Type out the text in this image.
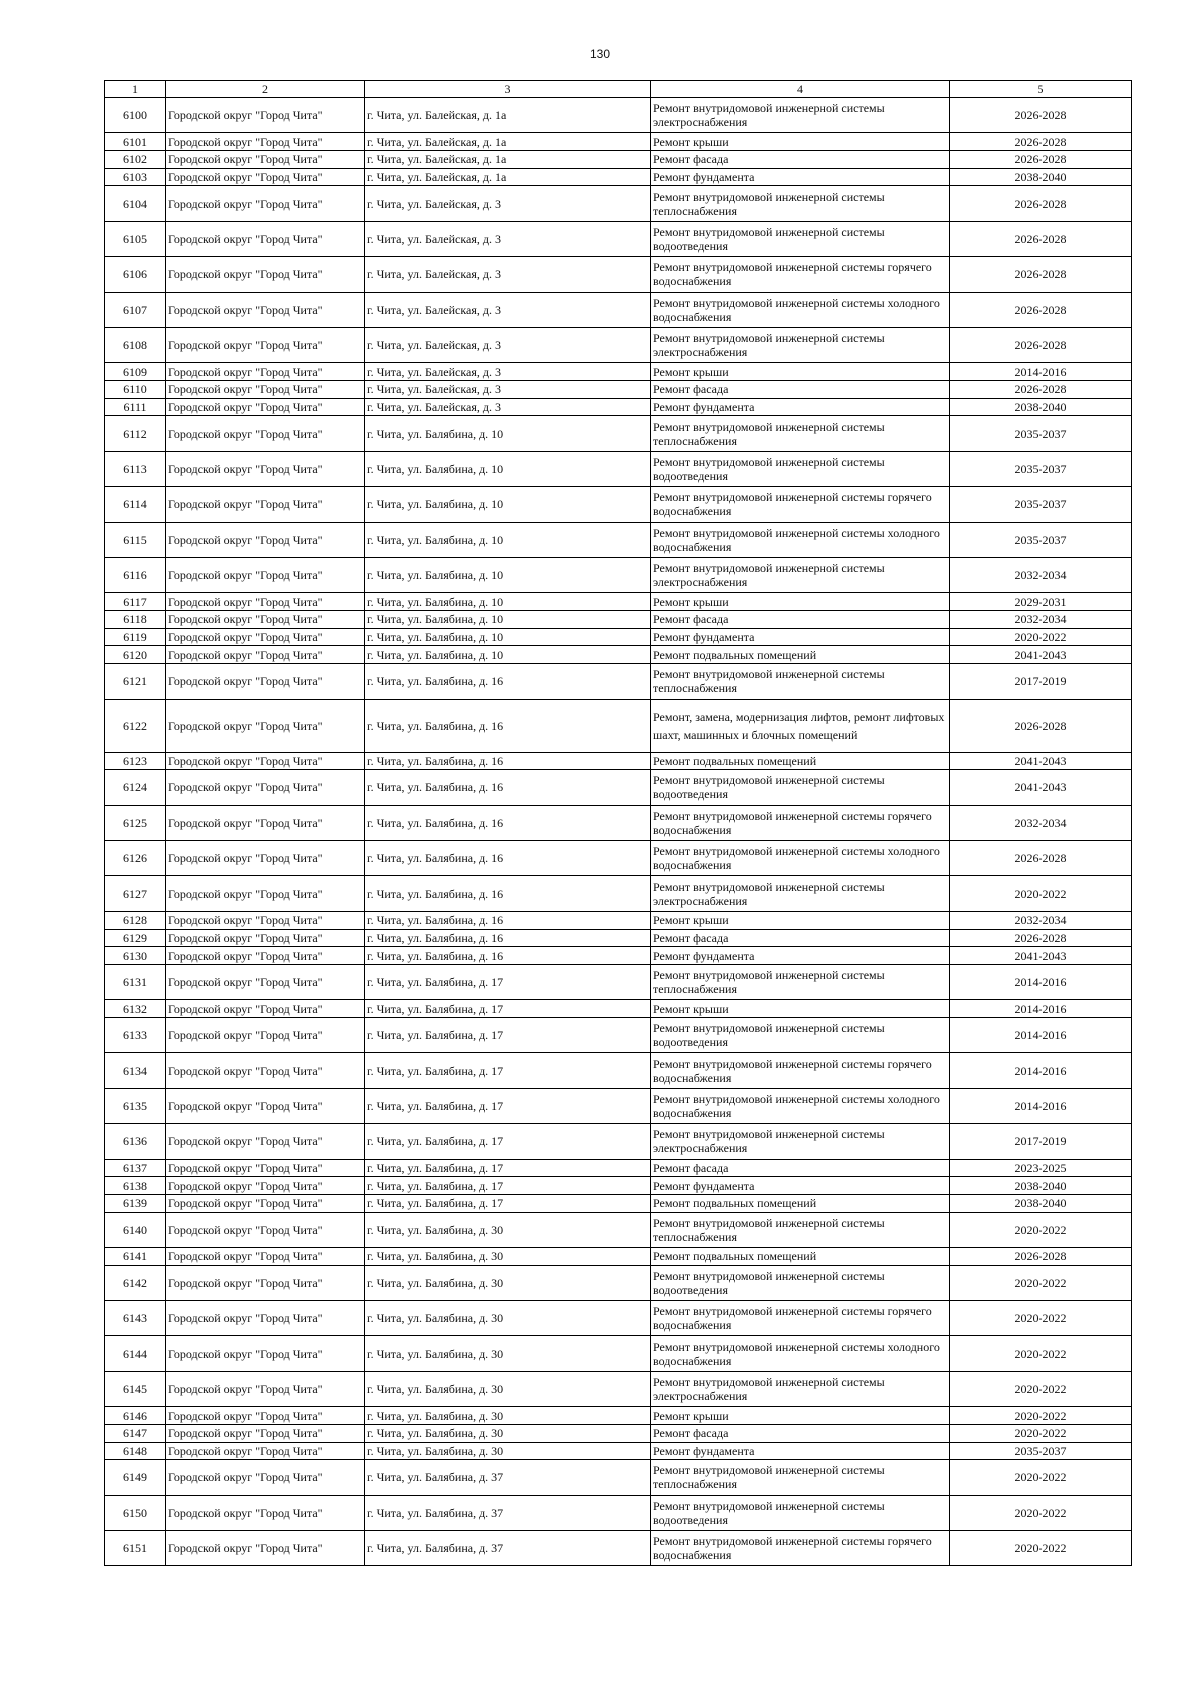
130
1	2	3	4	5
6100	Городской округ "Город Чита"	г. Чита, ул. Балейская, д. 1а	Ремонт внутридомовой инженерной системы электроснабжения	2026-2028
6101	Городской округ "Город Чита"	г. Чита, ул. Балейская, д. 1а	Ремонт крыши	2026-2028
6102	Городской округ "Город Чита"	г. Чита, ул. Балейская, д. 1а	Ремонт фасада	2026-2028
6103	Городской округ "Город Чита"	г. Чита, ул. Балейская, д. 1а	Ремонт фундамента	2038-2040
6104	Городской округ "Город Чита"	г. Чита, ул. Балейская, д. 3	Ремонт внутридомовой инженерной системы теплоснабжения	2026-2028
6105	Городской округ "Город Чита"	г. Чита, ул. Балейская, д. 3	Ремонт внутридомовой инженерной системы водоотведения	2026-2028
6106	Городской округ "Город Чита"	г. Чита, ул. Балейская, д. 3	Ремонт внутридомовой инженерной системы горячего водоснабжения	2026-2028
6107	Городской округ "Город Чита"	г. Чита, ул. Балейская, д. 3	Ремонт внутридомовой инженерной системы холодного водоснабжения	2026-2028
6108	Городской округ "Город Чита"	г. Чита, ул. Балейская, д. 3	Ремонт внутридомовой инженерной системы электроснабжения	2026-2028
6109	Городской округ "Город Чита"	г. Чита, ул. Балейская, д. 3	Ремонт крыши	2014-2016
6110	Городской округ "Город Чита"	г. Чита, ул. Балейская, д. 3	Ремонт фасада	2026-2028
6111	Городской округ "Город Чита"	г. Чита, ул. Балейская, д. 3	Ремонт фундамента	2038-2040
6112	Городской округ "Город Чита"	г. Чита, ул. Балябина, д. 10	Ремонт внутридомовой инженерной системы теплоснабжения	2035-2037
6113	Городской округ "Город Чита"	г. Чита, ул. Балябина, д. 10	Ремонт внутридомовой инженерной системы водоотведения	2035-2037
6114	Городской округ "Город Чита"	г. Чита, ул. Балябина, д. 10	Ремонт внутридомовой инженерной системы горячего водоснабжения	2035-2037
6115	Городской округ "Город Чита"	г. Чита, ул. Балябина, д. 10	Ремонт внутридомовой инженерной системы холодного водоснабжения	2035-2037
6116	Городской округ "Город Чита"	г. Чита, ул. Балябина, д. 10	Ремонт внутридомовой инженерной системы электроснабжения	2032-2034
6117	Городской округ "Город Чита"	г. Чита, ул. Балябина, д. 10	Ремонт крыши	2029-2031
6118	Городской округ "Город Чита"	г. Чита, ул. Балябина, д. 10	Ремонт фасада	2032-2034
6119	Городской округ "Город Чита"	г. Чита, ул. Балябина, д. 10	Ремонт фундамента	2020-2022
6120	Городской округ "Город Чита"	г. Чита, ул. Балябина, д. 10	Ремонт подвальных помещений	2041-2043
6121	Городской округ "Город Чита"	г. Чита, ул. Балябина, д. 16	Ремонт внутридомовой инженерной системы теплоснабжения	2017-2019
6122	Городской округ "Город Чита"	г. Чита, ул. Балябина, д. 16	Ремонт, замена, модернизация лифтов, ремонт лифтовых шахт, машинных и блочных помещений	2026-2028
6123	Городской округ "Город Чита"	г. Чита, ул. Балябина, д. 16	Ремонт подвальных помещений	2041-2043
6124	Городской округ "Город Чита"	г. Чита, ул. Балябина, д. 16	Ремонт внутридомовой инженерной системы водоотведения	2041-2043
6125	Городской округ "Город Чита"	г. Чита, ул. Балябина, д. 16	Ремонт внутридомовой инженерной системы горячего водоснабжения	2032-2034
6126	Городской округ "Город Чита"	г. Чита, ул. Балябина, д. 16	Ремонт внутридомовой инженерной системы холодного водоснабжения	2026-2028
6127	Городской округ "Город Чита"	г. Чита, ул. Балябина, д. 16	Ремонт внутридомовой инженерной системы электроснабжения	2020-2022
6128	Городской округ "Город Чита"	г. Чита, ул. Балябина, д. 16	Ремонт крыши	2032-2034
6129	Городской округ "Город Чита"	г. Чита, ул. Балябина, д. 16	Ремонт фасада	2026-2028
6130	Городской округ "Город Чита"	г. Чита, ул. Балябина, д. 16	Ремонт фундамента	2041-2043
6131	Городской округ "Город Чита"	г. Чита, ул. Балябина, д. 17	Ремонт внутридомовой инженерной системы теплоснабжения	2014-2016
6132	Городской округ "Город Чита"	г. Чита, ул. Балябина, д. 17	Ремонт крыши	2014-2016
6133	Городской округ "Город Чита"	г. Чита, ул. Балябина, д. 17	Ремонт внутридомовой инженерной системы водоотведения	2014-2016
6134	Городской округ "Город Чита"	г. Чита, ул. Балябина, д. 17	Ремонт внутридомовой инженерной системы горячего водоснабжения	2014-2016
6135	Городской округ "Город Чита"	г. Чита, ул. Балябина, д. 17	Ремонт внутридомовой инженерной системы холодного водоснабжения	2014-2016
6136	Городской округ "Город Чита"	г. Чита, ул. Балябина, д. 17	Ремонт внутридомовой инженерной системы электроснабжения	2017-2019
6137	Городской округ "Город Чита"	г. Чита, ул. Балябина, д. 17	Ремонт фасада	2023-2025
6138	Городской округ "Город Чита"	г. Чита, ул. Балябина, д. 17	Ремонт фундамента	2038-2040
6139	Городской округ "Город Чита"	г. Чита, ул. Балябина, д. 17	Ремонт подвальных помещений	2038-2040
6140	Городской округ "Город Чита"	г. Чита, ул. Балябина, д. 30	Ремонт внутридомовой инженерной системы теплоснабжения	2020-2022
6141	Городской округ "Город Чита"	г. Чита, ул. Балябина, д. 30	Ремонт подвальных помещений	2026-2028
6142	Городской округ "Город Чита"	г. Чита, ул. Балябина, д. 30	Ремонт внутридомовой инженерной системы водоотведения	2020-2022
6143	Городской округ "Город Чита"	г. Чита, ул. Балябина, д. 30	Ремонт внутридомовой инженерной системы горячего водоснабжения	2020-2022
6144	Городской округ "Город Чита"	г. Чита, ул. Балябина, д. 30	Ремонт внутридомовой инженерной системы холодного водоснабжения	2020-2022
6145	Городской округ "Город Чита"	г. Чита, ул. Балябина, д. 30	Ремонт внутридомовой инженерной системы электроснабжения	2020-2022
6146	Городской округ "Город Чита"	г. Чита, ул. Балябина, д. 30	Ремонт крыши	2020-2022
6147	Городской округ "Город Чита"	г. Чита, ул. Балябина, д. 30	Ремонт фасада	2020-2022
6148	Городской округ "Город Чита"	г. Чита, ул. Балябина, д. 30	Ремонт фундамента	2035-2037
6149	Городской округ "Город Чита"	г. Чита, ул. Балябина, д. 37	Ремонт внутридомовой инженерной системы теплоснабжения	2020-2022
6150	Городской округ "Город Чита"	г. Чита, ул. Балябина, д. 37	Ремонт внутридомовой инженерной системы водоотведения	2020-2022
6151	Городской округ "Город Чита"	г. Чита, ул. Балябина, д. 37	Ремонт внутридомовой инженерной системы горячего водоснабжения	2020-2022
